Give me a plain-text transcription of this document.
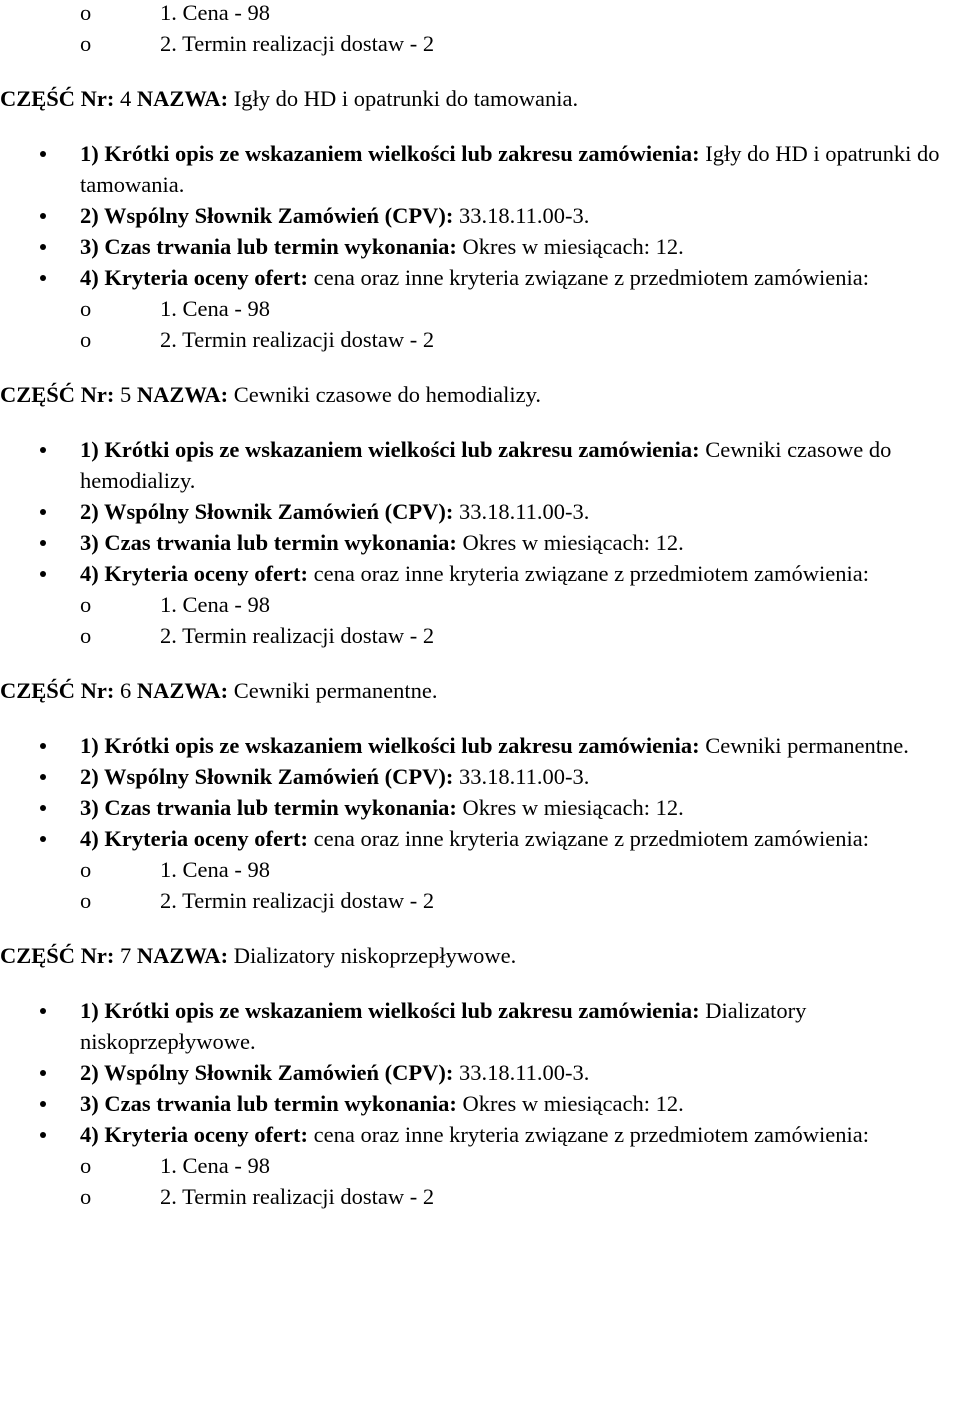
o	1. Cena - 98
o	2. Termin realizacji dostaw - 2

CZĘŚĆ Nr: 4 NAZWA: Igły do HD i opatrunki do tamowania.

1) Krótki opis ze wskazaniem wielkości lub zakresu zamówienia: Igły do HD i opatrunki do tamowania.
2) Wspólny Słownik Zamówień (CPV): 33.18.11.00-3.
3) Czas trwania lub termin wykonania: Okres w miesiącach: 12.
4) Kryteria oceny ofert: cena oraz inne kryteria związane z przedmiotem zamówienia:
o	1. Cena - 98
o	2. Termin realizacji dostaw - 2

CZĘŚĆ Nr: 5 NAZWA: Cewniki czasowe do hemodializy.

1) Krótki opis ze wskazaniem wielkości lub zakresu zamówienia: Cewniki czasowe do hemodializy.
2) Wspólny Słownik Zamówień (CPV): 33.18.11.00-3.
3) Czas trwania lub termin wykonania: Okres w miesiącach: 12.
4) Kryteria oceny ofert: cena oraz inne kryteria związane z przedmiotem zamówienia:
o	1. Cena - 98
o	2. Termin realizacji dostaw - 2

CZĘŚĆ Nr: 6 NAZWA: Cewniki permanentne.

1) Krótki opis ze wskazaniem wielkości lub zakresu zamówienia: Cewniki permanentne.
2) Wspólny Słownik Zamówień (CPV): 33.18.11.00-3.
3) Czas trwania lub termin wykonania: Okres w miesiącach: 12.
4) Kryteria oceny ofert: cena oraz inne kryteria związane z przedmiotem zamówienia:
o	1. Cena - 98
o	2. Termin realizacji dostaw - 2

CZĘŚĆ Nr: 7 NAZWA: Dializatory niskoprzepływowe.

1) Krótki opis ze wskazaniem wielkości lub zakresu zamówienia: Dializatory niskoprzepływowe.
2) Wspólny Słownik Zamówień (CPV): 33.18.11.00-3.
3) Czas trwania lub termin wykonania: Okres w miesiącach: 12.
4) Kryteria oceny ofert: cena oraz inne kryteria związane z przedmiotem zamówienia:
o	1. Cena - 98
o	2. Termin realizacji dostaw - 2
